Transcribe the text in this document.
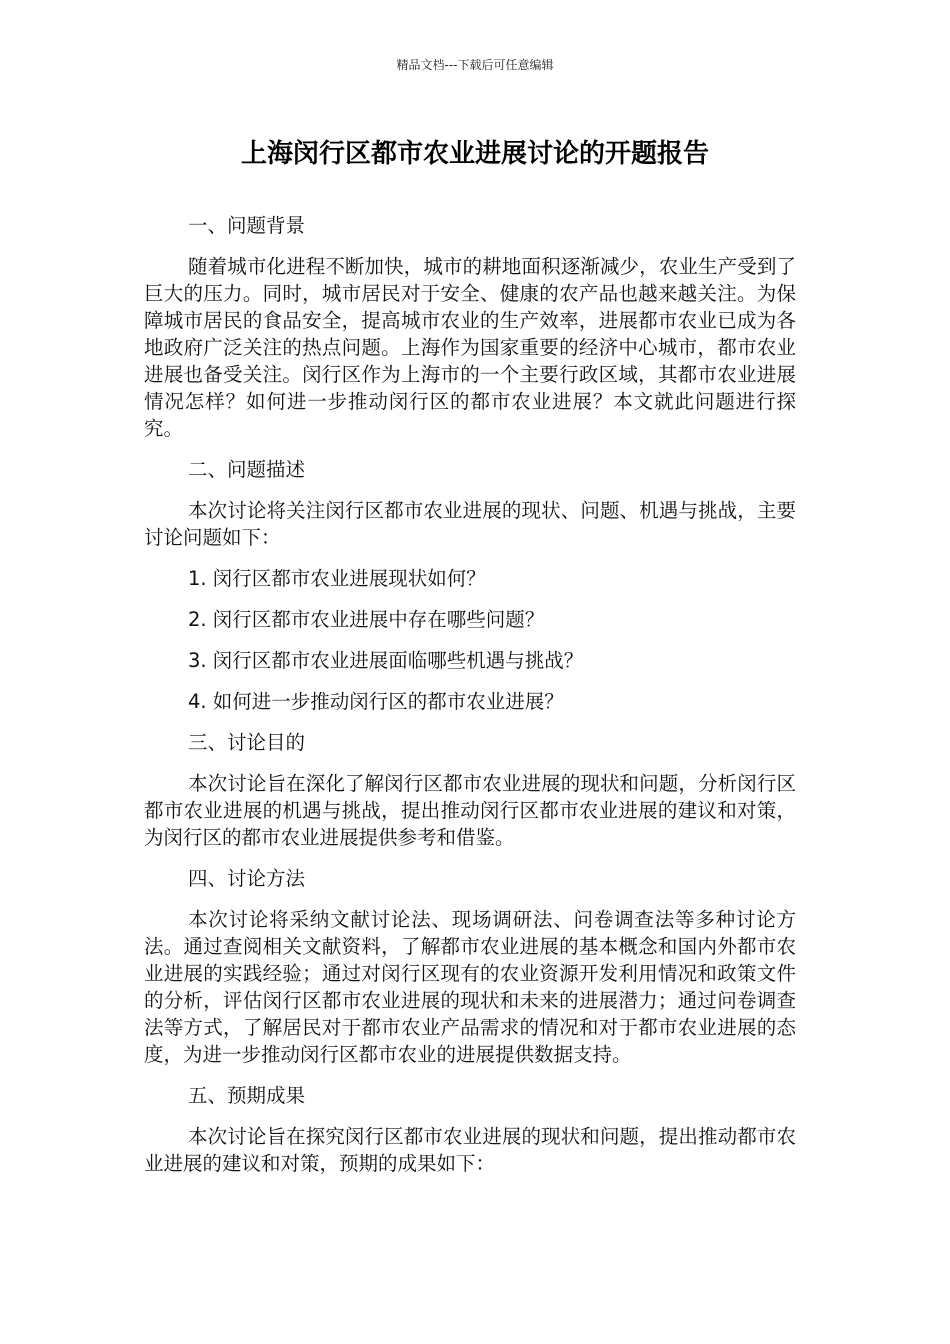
精品文档---下载后可任意编辑
上海闵行区都市农业进展讨论的开题报告
一、问题背景
随着城市化进程不断加快，城市的耕地面积逐渐减少，农业生产受到了巨大的压力。同时，城市居民对于安全、健康的农产品也越来越关注。为保障城市居民的食品安全，提高城市农业的生产效率，进展都市农业已成为各地政府广泛关注的热点问题。上海作为国家重要的经济中心城市，都市农业进展也备受关注。闵行区作为上海市的一个主要行政区域，其都市农业进展情况怎样？如何进一步推动闵行区的都市农业进展？本文就此问题进行探究。
二、问题描述
本次讨论将关注闵行区都市农业进展的现状、问题、机遇与挑战，主要讨论问题如下：
1. 闵行区都市农业进展现状如何？
2. 闵行区都市农业进展中存在哪些问题？
3. 闵行区都市农业进展面临哪些机遇与挑战？
4. 如何进一步推动闵行区的都市农业进展？
三、讨论目的
本次讨论旨在深化了解闵行区都市农业进展的现状和问题，分析闵行区都市农业进展的机遇与挑战，提出推动闵行区都市农业进展的建议和对策，为闵行区的都市农业进展提供参考和借鉴。
四、讨论方法
本次讨论将采纳文献讨论法、现场调研法、问卷调查法等多种讨论方法。通过查阅相关文献资料，了解都市农业进展的基本概念和国内外都市农业进展的实践经验；通过对闵行区现有的农业资源开发利用情况和政策文件的分析，评估闵行区都市农业进展的现状和未来的进展潜力；通过问卷调查法等方式，了解居民对于都市农业产品需求的情况和对于都市农业进展的态度，为进一步推动闵行区都市农业的进展提供数据支持。
五、预期成果
本次讨论旨在探究闵行区都市农业进展的现状和问题，提出推动都市农业进展的建议和对策，预期的成果如下：
